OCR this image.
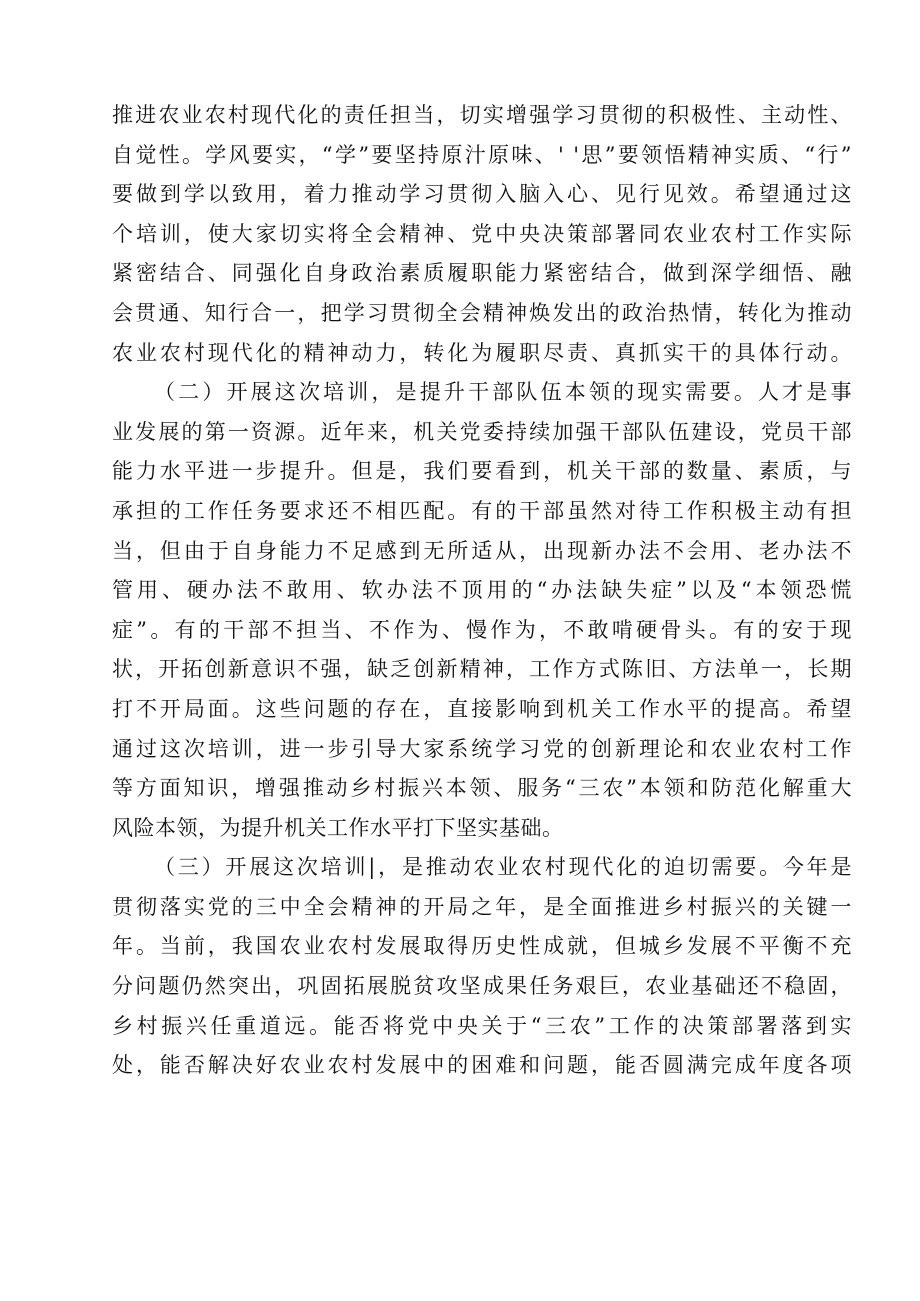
推进农业农村现代化的责任担当，切实增强学习贯彻的积极性、主动性、
自觉性。学风要实，“学”要坚持原汁原味、' '思”要领悟精神实质、“行”
要做到学以致用，着力推动学习贯彻入脑入心、见行见效。希望通过这
个培训，使大家切实将全会精神、党中央决策部署同农业农村工作实际
紧密结合、同强化自身政治素质履职能力紧密结合，做到深学细悟、融
会贯通、知行合一，把学习贯彻全会精神焕发出的政治热情，转化为推动
农业农村现代化的精神动力，转化为履职尽责、真抓实干的具体行动。
（二）开展这次培训，是提升干部队伍本领的现实需要。人才是事
业发展的第一资源。近年来，机关党委持续加强干部队伍建设，党员干部
能力水平进一步提升。但是，我们要看到，机关干部的数量、素质，与
承担的工作任务要求还不相匹配。有的干部虽然对待工作积极主动有担
当，但由于自身能力不足感到无所适从，出现新办法不会用、老办法不
管用、硬办法不敢用、软办法不顶用的“办法缺失症”以及“本领恐慌
症”。有的干部不担当、不作为、慢作为，不敢啃硬骨头。有的安于现
状，开拓创新意识不强，缺乏创新精神，工作方式陈旧、方法单一，长期
打不开局面。这些问题的存在，直接影响到机关工作水平的提高。希望
通过这次培训，进一步引导大家系统学习党的创新理论和农业农村工作
等方面知识，增强推动乡村振兴本领、服务“三农”本领和防范化解重大
风险本领，为提升机关工作水平打下坚实基础。
（三）开展这次培训|，是推动农业农村现代化的迫切需要。今年是
贯彻落实党的三中全会精神的开局之年，是全面推进乡村振兴的关键一
年。当前，我国农业农村发展取得历史性成就，但城乡发展不平衡不充
分问题仍然突出，巩固拓展脱贫攻坚成果任务艰巨，农业基础还不稳固，
乡村振兴任重道远。能否将党中央关于“三农”工作的决策部署落到实
处，能否解决好农业农村发展中的困难和问题，能否圆满完成年度各项
